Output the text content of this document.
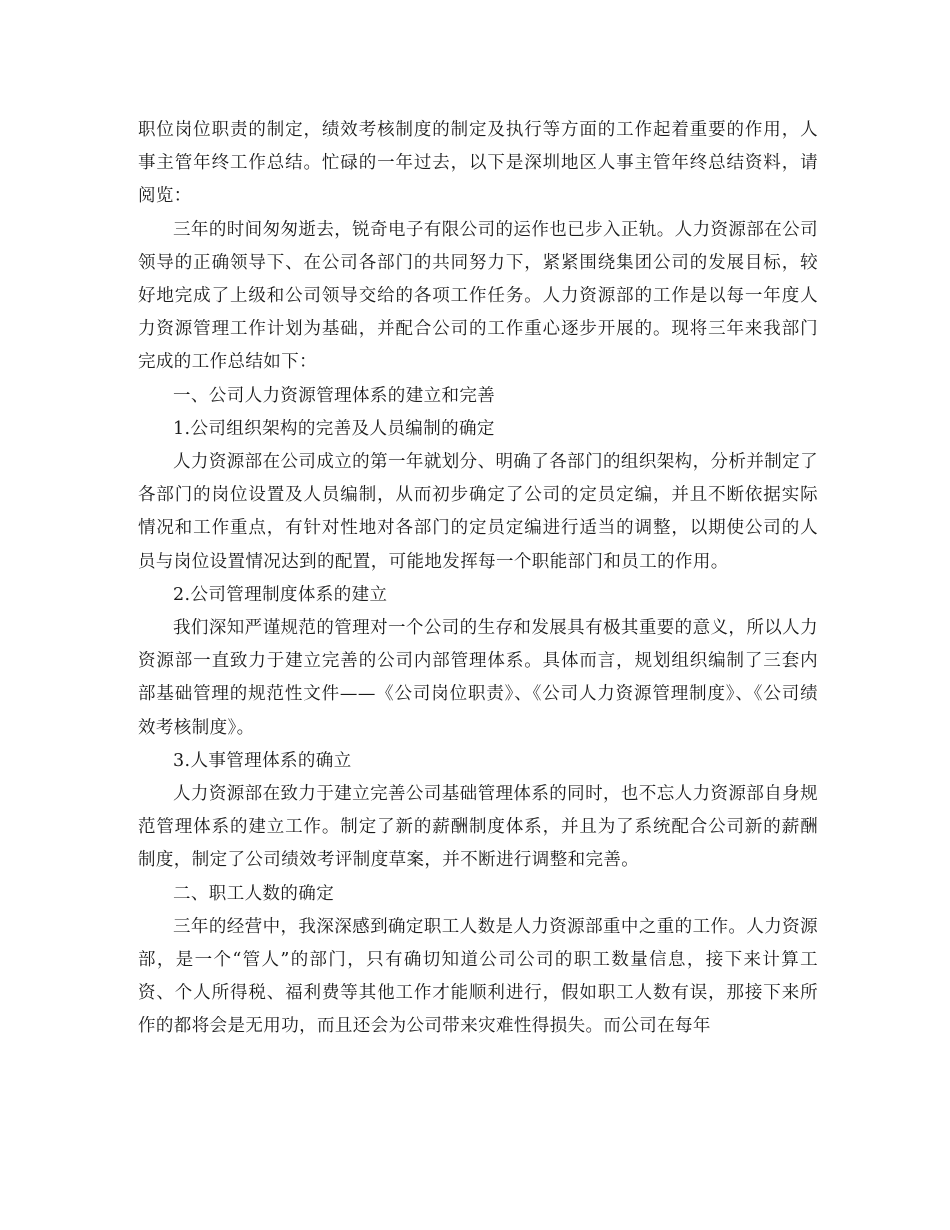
职位岗位职责的制定，绩效考核制度的制定及执行等方面的工作起着重要的作用，人事主管年终工作总结。忙碌的一年过去，以下是深圳地区人事主管年终总结资料，请阅览：

三年的时间匆匆逝去，锐奇电子有限公司的运作也已步入正轨。人力资源部在公司领导的正确领导下、在公司各部门的共同努力下，紧紧围绕集团公司的发展目标，较好地完成了上级和公司领导交给的各项工作任务。人力资源部的工作是以每一年度人力资源管理工作计划为基础，并配合公司的工作重心逐步开展的。现将三年来我部门完成的工作总结如下：

一、公司人力资源管理体系的建立和完善

1.公司组织架构的完善及人员编制的确定

人力资源部在公司成立的第一年就划分、明确了各部门的组织架构，分析并制定了各部门的岗位设置及人员编制，从而初步确定了公司的定员定编，并且不断依据实际情况和工作重点，有针对性地对各部门的定员定编进行适当的调整，以期使公司的人员与岗位设置情况达到的配置，可能地发挥每一个职能部门和员工的作用。

2.公司管理制度体系的建立

我们深知严谨规范的管理对一个公司的生存和发展具有极其重要的意义，所以人力资源部一直致力于建立完善的公司内部管理体系。具体而言，规划组织编制了三套内部基础管理的规范性文件——《公司岗位职责》、《公司人力资源管理制度》、《公司绩效考核制度》。

3.人事管理体系的确立

人力资源部在致力于建立完善公司基础管理体系的同时，也不忘人力资源部自身规范管理体系的建立工作。制定了新的薪酬制度体系，并且为了系统配合公司新的薪酬制度，制定了公司绩效考评制度草案，并不断进行调整和完善。

二、职工人数的确定

三年的经营中，我深深感到确定职工人数是人力资源部重中之重的工作。人力资源部，是一个“管人”的部门，只有确切知道公司公司的职工数量信息，接下来计算工资、个人所得税、福利费等其他工作才能顺利进行，假如职工人数有误，那接下来所作的都将会是无用功，而且还会为公司带来灾难性得损失。而公司在每年
